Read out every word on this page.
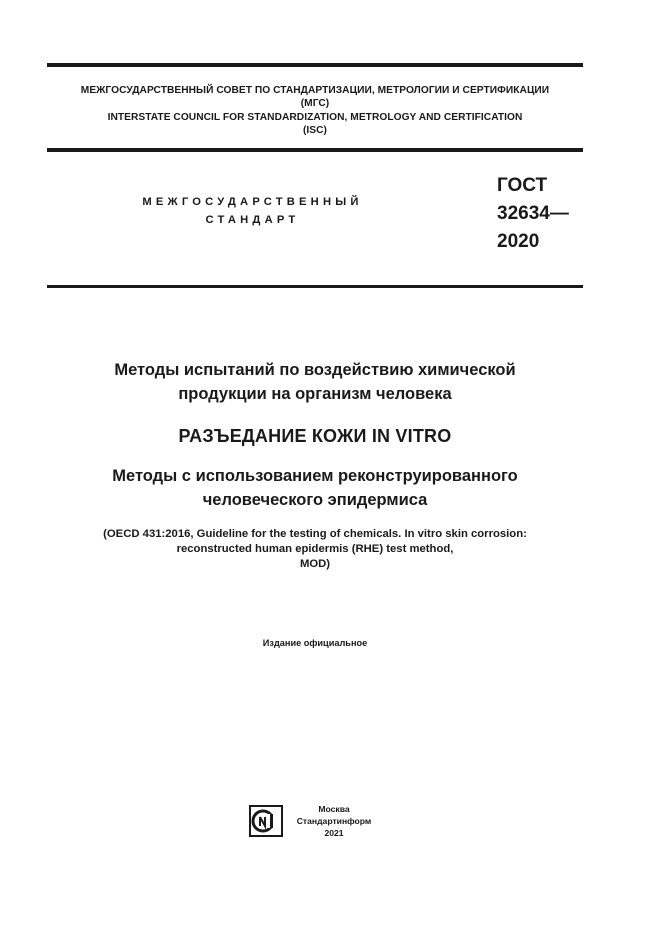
МЕЖГОСУДАРСТВЕННЫЙ СОВЕТ ПО СТАНДАРТИЗАЦИИ, МЕТРОЛОГИИ И СЕРТИФИКАЦИИ
(МГС)
INTERSTATE COUNCIL FOR STANDARDIZATION, METROLOGY AND CERTIFICATION
(ISC)
МЕЖГОСУДАРСТВЕННЫЙ
СТАНДАРТ
ГОСТ
32634—
2020
Методы испытаний по воздействию химической
продукции на организм человека
РАЗЪЕДАНИЕ КОЖИ IN VITRO
Методы с использованием реконструированного
человеческого эпидермиса
(OECD 431:2016, Guideline for the testing of chemicals. In vitro skin corrosion:
reconstructed human epidermis (RHE) test method,
MOD)
Издание официальное
Москва
Стандартинформ
2021
